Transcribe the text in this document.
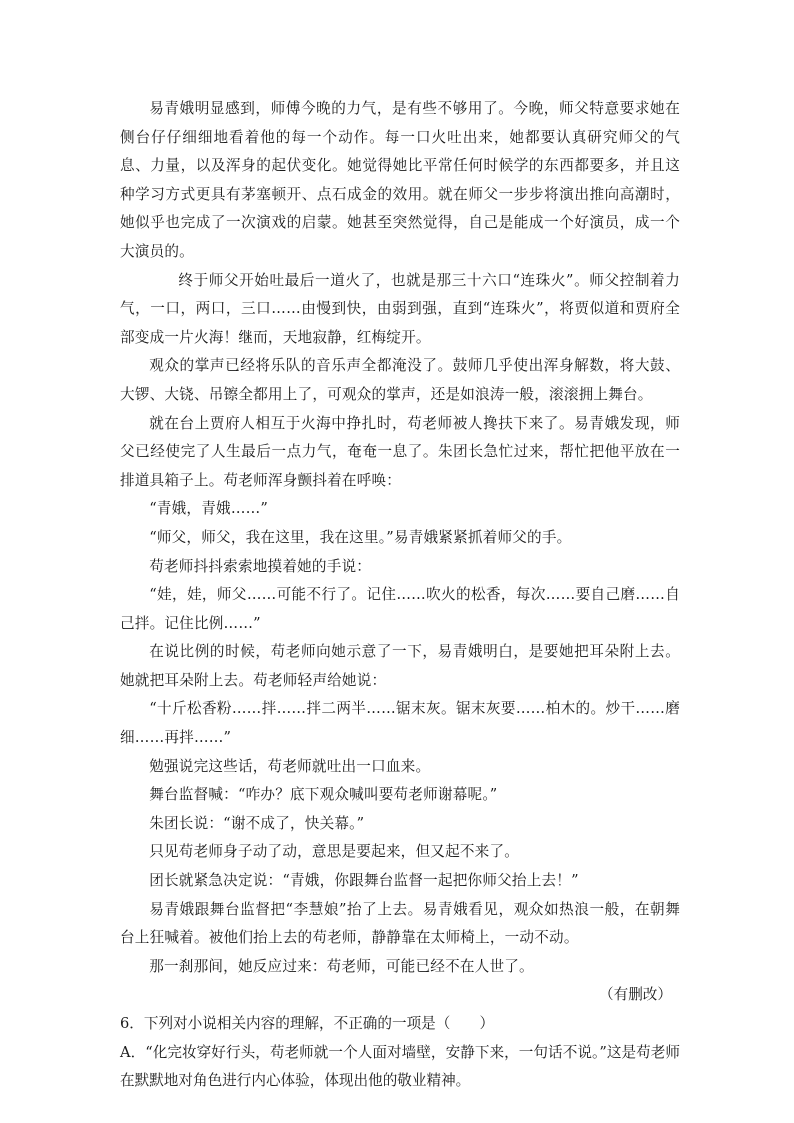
易青娥明显感到，师傅今晚的力气，是有些不够用了。今晚，师父特意要求她在侧台仔仔细细地看着他的每一个动作。每一口火吐出来，她都要认真研究师父的气息、力量，以及浑身的起伏变化。她觉得她比平常任何时候学的东西都要多，并且这种学习方式更具有茅塞顿开、点石成金的效用。就在师父一步步将演出推向高潮时，她似乎也完成了一次演戏的启蒙。她甚至突然觉得，自己是能成一个好演员，成一个大演员的。

终于师父开始吐最后一道火了，也就是那三十六口“连珠火”。师父控制着力气，一口，两口，三口……由慢到快，由弱到强，直到“连珠火”，将贾似道和贾府全部变成一片火海！继而，天地寂静，红梅绽开。

观众的掌声已经将乐队的音乐声全都淹没了。鼓师几乎使出浑身解数，将大鼓、大锣、大铙、吊镲全都用上了，可观众的掌声，还是如浪涛一般，滚滚拥上舞台。

就在台上贾府人相互于火海中挣扎时，苟老师被人搀扶下来了。易青娥发现，师父已经使完了人生最后一点力气，奄奄一息了。朱团长急忙过来，帮忙把他平放在一排道具箱子上。苟老师浑身颤抖着在呼唤：

“青娥，青娥……”

“师父，师父，我在这里，我在这里。”易青娥紧紧抓着师父的手。

苟老师抖抖索索地摸着她的手说：

“娃，娃，师父……可能不行了。记住……吹火的松香，每次……要自己磨……自己拌。记住比例……”

在说比例的时候，苟老师向她示意了一下，易青娥明白，是要她把耳朵附上去。她就把耳朵附上去。苟老师轻声给她说：

“十斤松香粉……拌……拌二两半……锯末灰。锯末灰要……柏木的。炒干……磨细……再拌……”

勉强说完这些话，苟老师就吐出一口血来。

舞台监督喊：“咋办？底下观众喊叫要苟老师谢幕呢。”

朱团长说：“谢不成了，快关幕。”

只见苟老师身子动了动，意思是要起来，但又起不来了。

团长就紧急决定说：“青娥，你跟舞台监督一起把你师父抬上去！”

易青娥跟舞台监督把“李慧娘”抬了上去。易青娥看见，观众如热浪一般，在朝舞台上狂喊着。被他们抬上去的苟老师，静静靠在太师椅上，一动不动。

那一刹那间，她反应过来：苟老师，可能已经不在人世了。

（有删改）

6．下列对小说相关内容的理解，不正确的一项是（　　）

A．“化完妆穿好行头，苟老师就一个人面对墙壁，安静下来，一句话不说。”这是苟老师在默默地对角色进行内心体验，体现出他的敬业精神。
